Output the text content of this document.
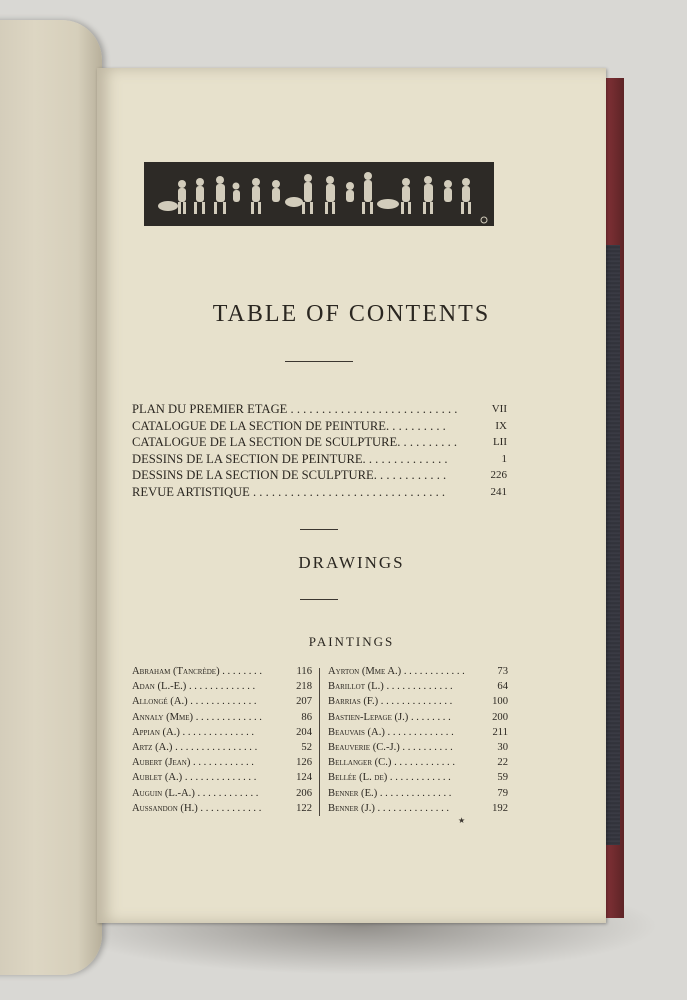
TABLE OF CONTENTS
PLAN DU PREMIER ETAGE . . . . . . . . . . . . . . . . . . . . . . . . . . .	VII
CATALOGUE DE LA SECTION DE PEINTURE. . . . . . . . . .	IX
CATALOGUE DE LA SECTION DE SCULPTURE. . . . . . . . . .	LII
DESSINS DE LA SECTION DE PEINTURE. . . . . . . . . . . . . .	1
DESSINS DE LA SECTION DE SCULPTURE. . . . . . . . . . . .	226
REVUE ARTISTIQUE . . . . . . . . . . . . . . . . . . . . . . . . . . . . . . .	241
DRAWINGS
PAINTINGS
Abraham (Tancrède) . . . . . . . .	116
Adan (L.-E.) . . . . . . . . . . . . .	218
Allongé (A.) . . . . . . . . . . . . .	207
Annaly (Mme) . . . . . . . . . . . . .	86
Appian (A.) . . . . . . . . . . . . . .	204
Artz (A.) . . . . . . . . . . . . . . . .	52
Aubert (Jean) . . . . . . . . . . . .	126
Aublet (A.) . . . . . . . . . . . . . .	124
Auguin (L.-A.) . . . . . . . . . . . .	206
Aussandon (H.) . . . . . . . . . . . .	122
Ayrton (Mme A.) . . . . . . . . . . . .	73
Barillot (L.) . . . . . . . . . . . . .	64
Barrias (F.) . . . . . . . . . . . . . .	100
Bastien-Lepage (J.) . . . . . . . .	200
Beauvais (A.) . . . . . . . . . . . . .	211
Beauverie (C.-J.) . . . . . . . . . .	30
Bellanger (C.) . . . . . . . . . . . .	22
Bellée (L. de) . . . . . . . . . . . .	59
Benner (E.) . . . . . . . . . . . . . .	79
Benner (J.) . . . . . . . . . . . . . .	192
★
